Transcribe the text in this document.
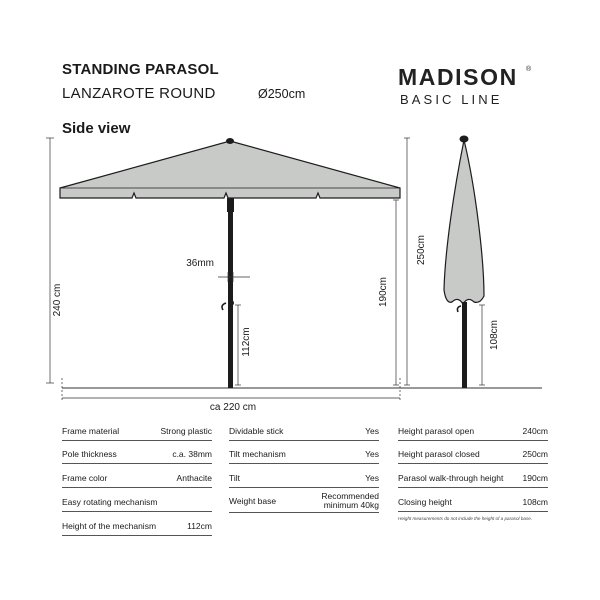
STANDING PARASOL
LANZAROTE ROUND	Ø250cm
MADISON ®
BASIC LINE
Side view
240 cm
36mm
112cm
190cm
250cm
108cm
ca 220 cm
Frame material	Strong plastic
Pole thickness	c.a. 38mm
Frame color	Anthacite
Easy rotating mechanism
Height of the mechanism	112cm
Dividable stick	Yes
Tilt mechanism	Yes
Tilt	Yes
Weight base	Recommended
minimum 40kg
Height parasol open	240cm
Height parasol closed	250cm
Parasol walk-through height 190cm
Closing height	108cm
Height measurements do not include the height of a parasol base.
